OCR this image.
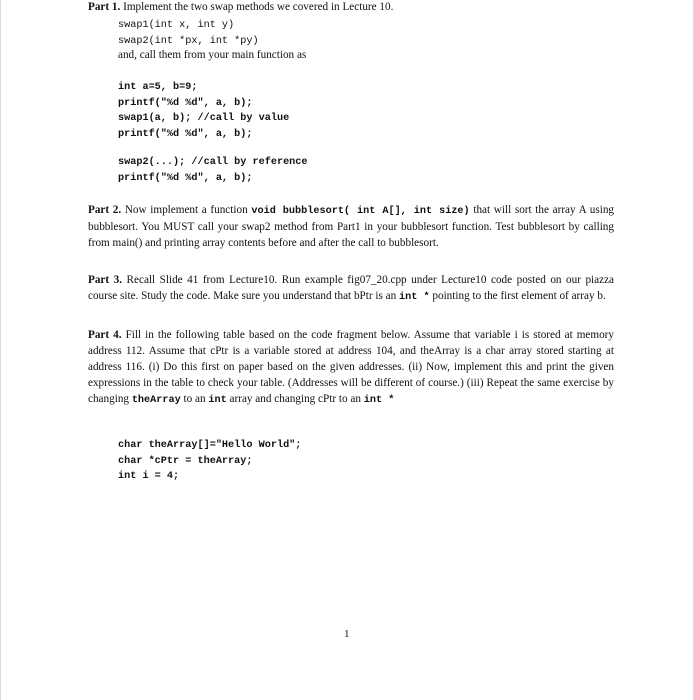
Part 1. Implement the two swap methods we covered in Lecture 10.
swap1(int x, int y)
swap2(int *px, int *py)
and, call them from your main function as
int a=5, b=9;
printf("%d %d", a, b);
swap1(a, b); //call by value
printf("%d %d", a, b);
swap2(...); //call by reference
printf("%d %d", a, b);
Part 2. Now implement a function void bubblesort( int A[], int size) that will sort the array A using bubblesort. You MUST call your swap2 method from Part1 in your bubblesort function. Test bubblesort by calling from main() and printing array contents before and after the call to bubblesort.
Part 3. Recall Slide 41 from Lecture10. Run example fig07_20.cpp under Lecture10 code posted on our piazza course site. Study the code. Make sure you understand that bPtr is an int * pointing to the first element of array b.
Part 4. Fill in the following table based on the code fragment below. Assume that variable i is stored at memory address 112. Assume that cPtr is a variable stored at address 104, and theArray is a char array stored starting at address 116. (i) Do this first on paper based on the given addresses. (ii) Now, implement this and print the given expressions in the table to check your table. (Addresses will be different of course.) (iii) Repeat the same exercise by changing theArray to an int array and changing cPtr to an int *
char theArray[]="Hello World";
char *cPtr = theArray;
int i = 4;
1
